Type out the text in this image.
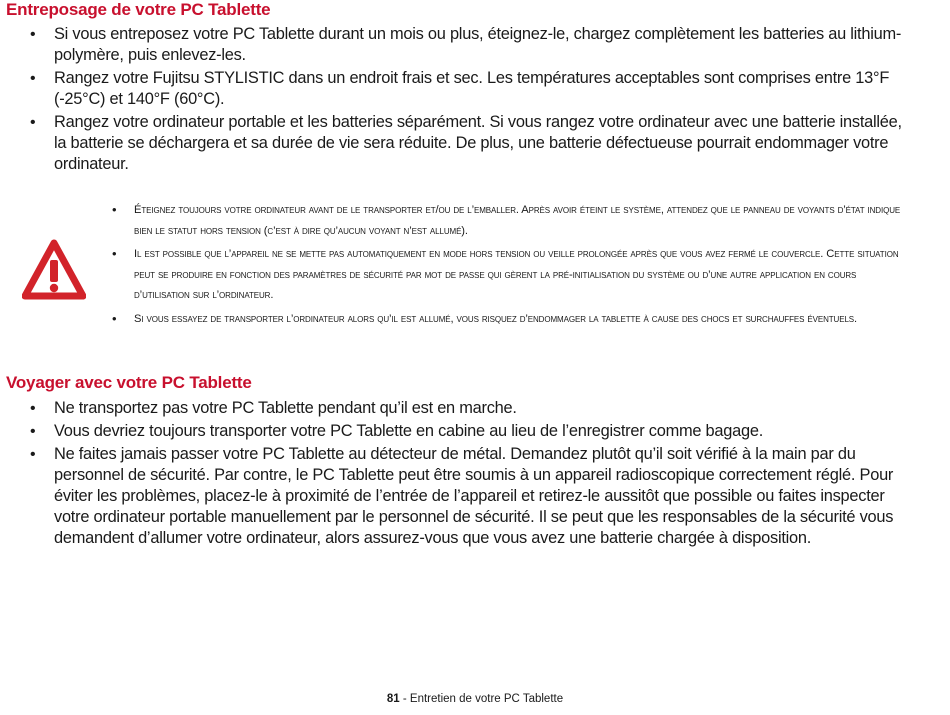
Entreposage de votre PC Tablette
• Si vous entreposez votre PC Tablette durant un mois ou plus, éteignez-le, chargez complètement les batteries au lithium-polymère, puis enlevez-les.
• Rangez votre Fujitsu STYLISTIC dans un endroit frais et sec. Les températures acceptables sont comprises entre 13°F (-25°C) et 140°F (60°C).
• Rangez votre ordinateur portable et les batteries séparément. Si vous rangez votre ordinateur avec une batterie installée, la batterie se déchargera et sa durée de vie sera réduite. De plus, une batterie défectueuse pourrait endommager votre ordinateur.
• Éteignez toujours votre ordinateur avant de le transporter et/ou de l’emballer. Après avoir éteint le système, attendez que le panneau de voyants d’état indique bien le statut hors tension (c’est à dire qu’aucun voyant n’est allumé).
• Il est possible que l’appareil ne se mette pas automatiquement en mode hors tension ou veille prolongée après que vous avez fermé le couvercle. Cette situation peut se produire en fonction des paramètres de sécurité par mot de passe qui gèrent la pré-initialisation du système ou d’une autre application en cours d’utilisation sur l’ordinateur.
• Si vous essayez de transporter l’ordinateur alors qu’il est allumé, vous risquez d’endommager la tablette à cause des chocs et surchauffes éventuels.
Voyager avec votre PC Tablette
• Ne transportez pas votre PC Tablette pendant qu’il est en marche.
• Vous devriez toujours transporter votre PC Tablette en cabine au lieu de l’enregistrer comme bagage.
• Ne faites jamais passer votre PC Tablette au détecteur de métal. Demandez plutôt qu’il soit vérifié à la main par du personnel de sécurité. Par contre, le PC Tablette peut être soumis à un appareil radioscopique correctement réglé. Pour éviter les problèmes, placez-le à proximité de l’entrée de l’appareil et retirez-le aussitôt que possible ou faites inspecter votre ordinateur portable manuellement par le personnel de sécurité. Il se peut que les responsables de la sécurité vous demandent d’allumer votre ordinateur, alors assurez-vous que vous avez une batterie chargée à disposition.
81 - Entretien de votre PC Tablette
